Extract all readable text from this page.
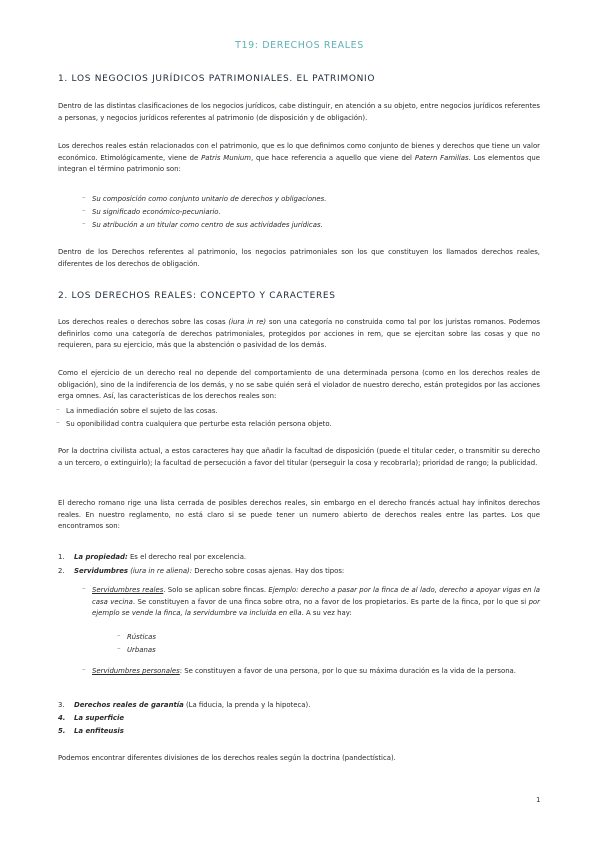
T19: DERECHOS REALES
1. LOS NEGOCIOS JURÍDICOS PATRIMONIALES. EL PATRIMONIO

Dentro de las distintas clasificaciones de los negocios jurídicos, cabe distinguir, en atención a su objeto, entre negocios jurídicos referentes a personas, y negocios jurídicos referentes al patrimonio (de disposición y de obligación).

Los derechos reales están relacionados con el patrimonio, que es lo que definimos como conjunto de bienes y derechos que tiene un valor económico. Etimológicamente, viene de Patris Munium, que hace referencia a aquello que viene del Patern Familias. Los elementos que integran el término patrimonio son:

⁻ Su composición como conjunto unitario de derechos y obligaciones.
⁻ Su significado económico-pecuniario.
⁻ Su atribución a un titular como centro de sus actividades jurídicas.

Dentro de los Derechos referentes al patrimonio, los negocios patrimoniales son los que constituyen los llamados derechos reales, diferentes de los derechos de obligación.

2. LOS DERECHOS REALES: CONCEPTO Y CARACTERES

Los derechos reales o derechos sobre las cosas (iura in re) son una categoría no construida como tal por los juristas romanos. Podemos definirlos como una categoría de derechos patrimoniales, protegidos por acciones in rem, que se ejercitan sobre las cosas y que no requieren, para su ejercicio, más que la abstención o pasividad de los demás.

Como el ejercicio de un derecho real no depende del comportamiento de una determinada persona (como en los derechos reales de obligación), sino de la indiferencia de los demás, y no se sabe quién será el violador de nuestro derecho, están protegidos por las acciones erga omnes. Así, las características de los derechos reales son:

⁻ La inmediación sobre el sujeto de las cosas.
⁻ Su oponibilidad contra cualquiera que perturbe esta relación persona objeto.

Por la doctrina civilista actual, a estos caracteres hay que añadir la facultad de disposición (puede el titular ceder, o transmitir su derecho a un tercero, o extinguirlo); la facultad de persecución a favor del titular (perseguir la cosa y recobrarla); prioridad de rango; la publicidad.

El derecho romano rige una lista cerrada de posibles derechos reales, sin embargo en el derecho francés actual hay infinitos derechos reales. En nuestro reglamento, no está claro si se puede tener un numero abierto de derechos reales entre las partes. Los que encontramos son:

1. La propiedad: Es el derecho real por excelencia.
2. Servidumbres (iura in re aliena): Derecho sobre cosas ajenas. Hay dos tipos:
⁻ Servidumbres reales. Solo se aplican sobre fincas. Ejemplo: derecho a pasar por la finca de al lado, derecho a apoyar vigas en la casa vecina. Se constituyen a favor de una finca sobre otra, no a favor de los propietarios. Es parte de la finca, por lo que si por ejemplo se vende la finca, la servidumbre va incluida en ella. A su vez hay:
⁻ Rústicas
⁻ Urbanas
⁻ Servidumbres personales: Se constituyen a favor de una persona, por lo que su máxima duración es la vida de la persona.
3. Derechos reales de garantía (La fiducia, la prenda y la hipoteca).
4. La superficie
5. La enfiteusis

Podemos encontrar diferentes divisiones de los derechos reales según la doctrina (pandectística).

1
